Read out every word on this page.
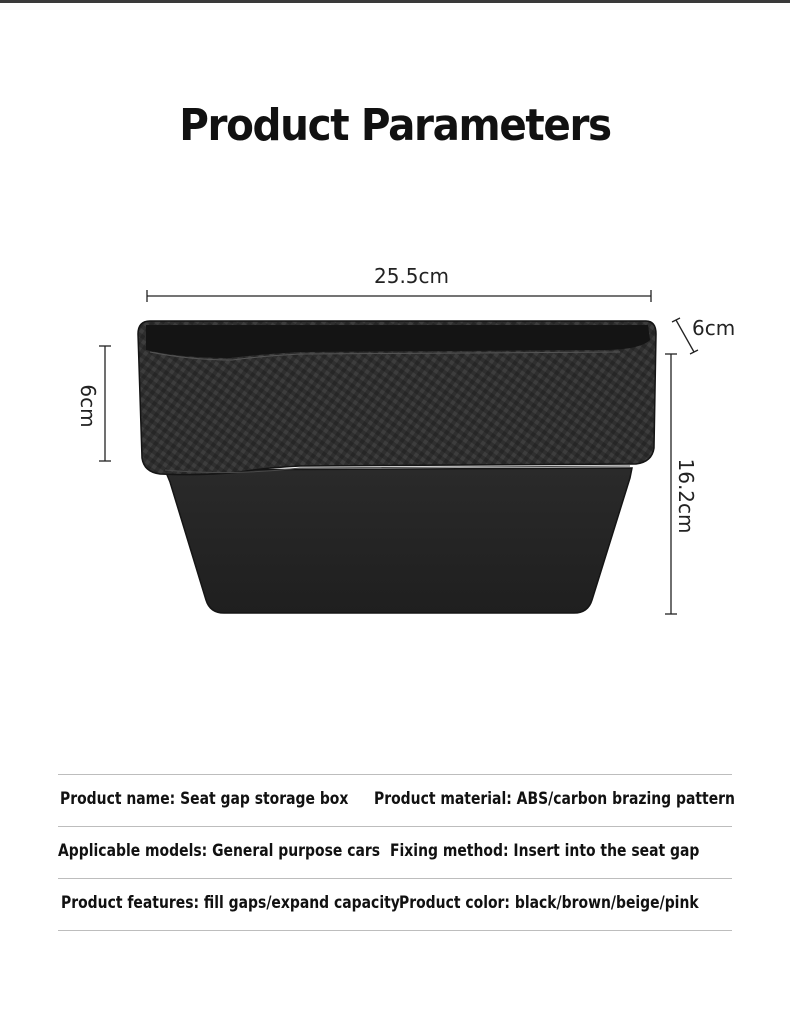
Product Parameters
25.5cm
6cm
6cm
16.2cm
Product name: Seat gap storage box Product material: ABS/carbon brazing pattern
Applicable models: General purpose cars Fixing method: Insert into the seat gap
Product features: fill gaps/expand capacity Product color: black/brown/beige/pink
